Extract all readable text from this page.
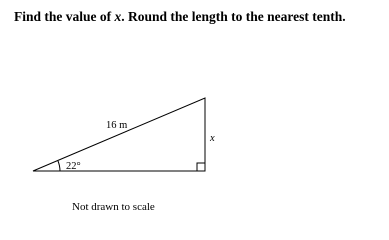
Find the value of x. Round the length to the nearest tenth.
16 m
x
22°
Not drawn to scale
